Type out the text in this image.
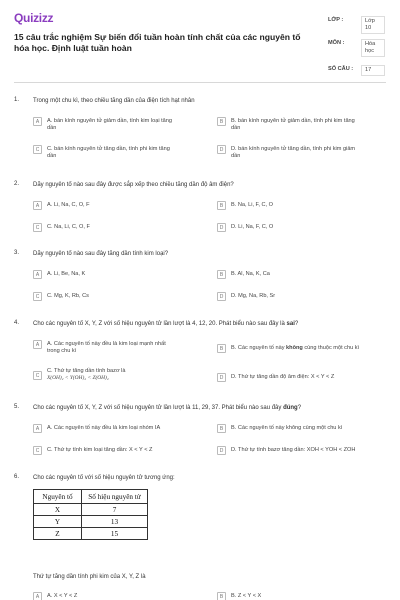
Quizizz
15 câu trắc nghiệm Sự biến đổi tuần hoàn tính chất của các nguyên tố hóa học. Định luật tuần hoàn
LỚP :	Lớp 10
MÔN :	Hóa học
SỐ CÂU :	17
1. Trong một chu kì, theo chiều tăng dần của điện tích hạt nhân
A	A. bán kính nguyên tử giảm dần, tính kim loại tăng dần
B	B. bán kính nguyên tử giảm dần, tính phi kim tăng dần
C	C. bán kính nguyên tử tăng dần, tính phi kim tăng dần
D	D. bán kính nguyên tử tăng dần, tính phi kim giảm dần
2. Dãy nguyên tố nào sau đây được sắp xếp theo chiều tăng dần độ âm điện?
A	A. Li, Na, C, O, F	B	B. Na, Li, F, C, O
C	C. Na, Li, C, O, F	D	D. Li, Na, F, C, O
3. Dãy nguyên tố nào sau đây tăng dần tính kim loại?
A	A. Li, Be, Na, K	B	B. Al, Na, K, Ca
C	C. Mg, K, Rb, Cs	D	D. Mg, Na, Rb, Sr
4. Cho các nguyên tố X, Y, Z với số hiệu nguyên tử lần lượt là 4, 12, 20. Phát biểu nào sau đây là sai?
A	A. Các nguyên tố này đều là kim loại mạnh nhất trong chu kì	B	B. Các nguyên tố này không cùng thuộc một chu kì
C
C. Thứ tự tăng dần tính bazơ là
X(OH)₂ < Y(OH)₂ < Z(OH)₂	D	D. Thứ tự tăng dần độ âm điện: X < Y < Z
5. Cho các nguyên tố X, Y, Z với số hiệu nguyên tử lần lượt là 11, 29, 37. Phát biểu nào sau đây đúng?
A	A. Các nguyên tố này đều là kim loại nhóm IA	B	B. Các nguyên tố này không cùng một chu kì
C	C. Thứ tự tính kim loại tăng dần: X < Y < Z	D	D. Thứ tự tính bazơ tăng dần: XOH < YOH < ZOH
6. Cho các nguyên tố với số hiệu nguyên tử tương ứng:
Nguyên tố	Số hiệu nguyên tử
X	7
Y	13
Z	15
Thứ tự tăng dần tính phi kim của X, Y, Z là
A	A. X < Y < Z	B	B. Z < Y < X
